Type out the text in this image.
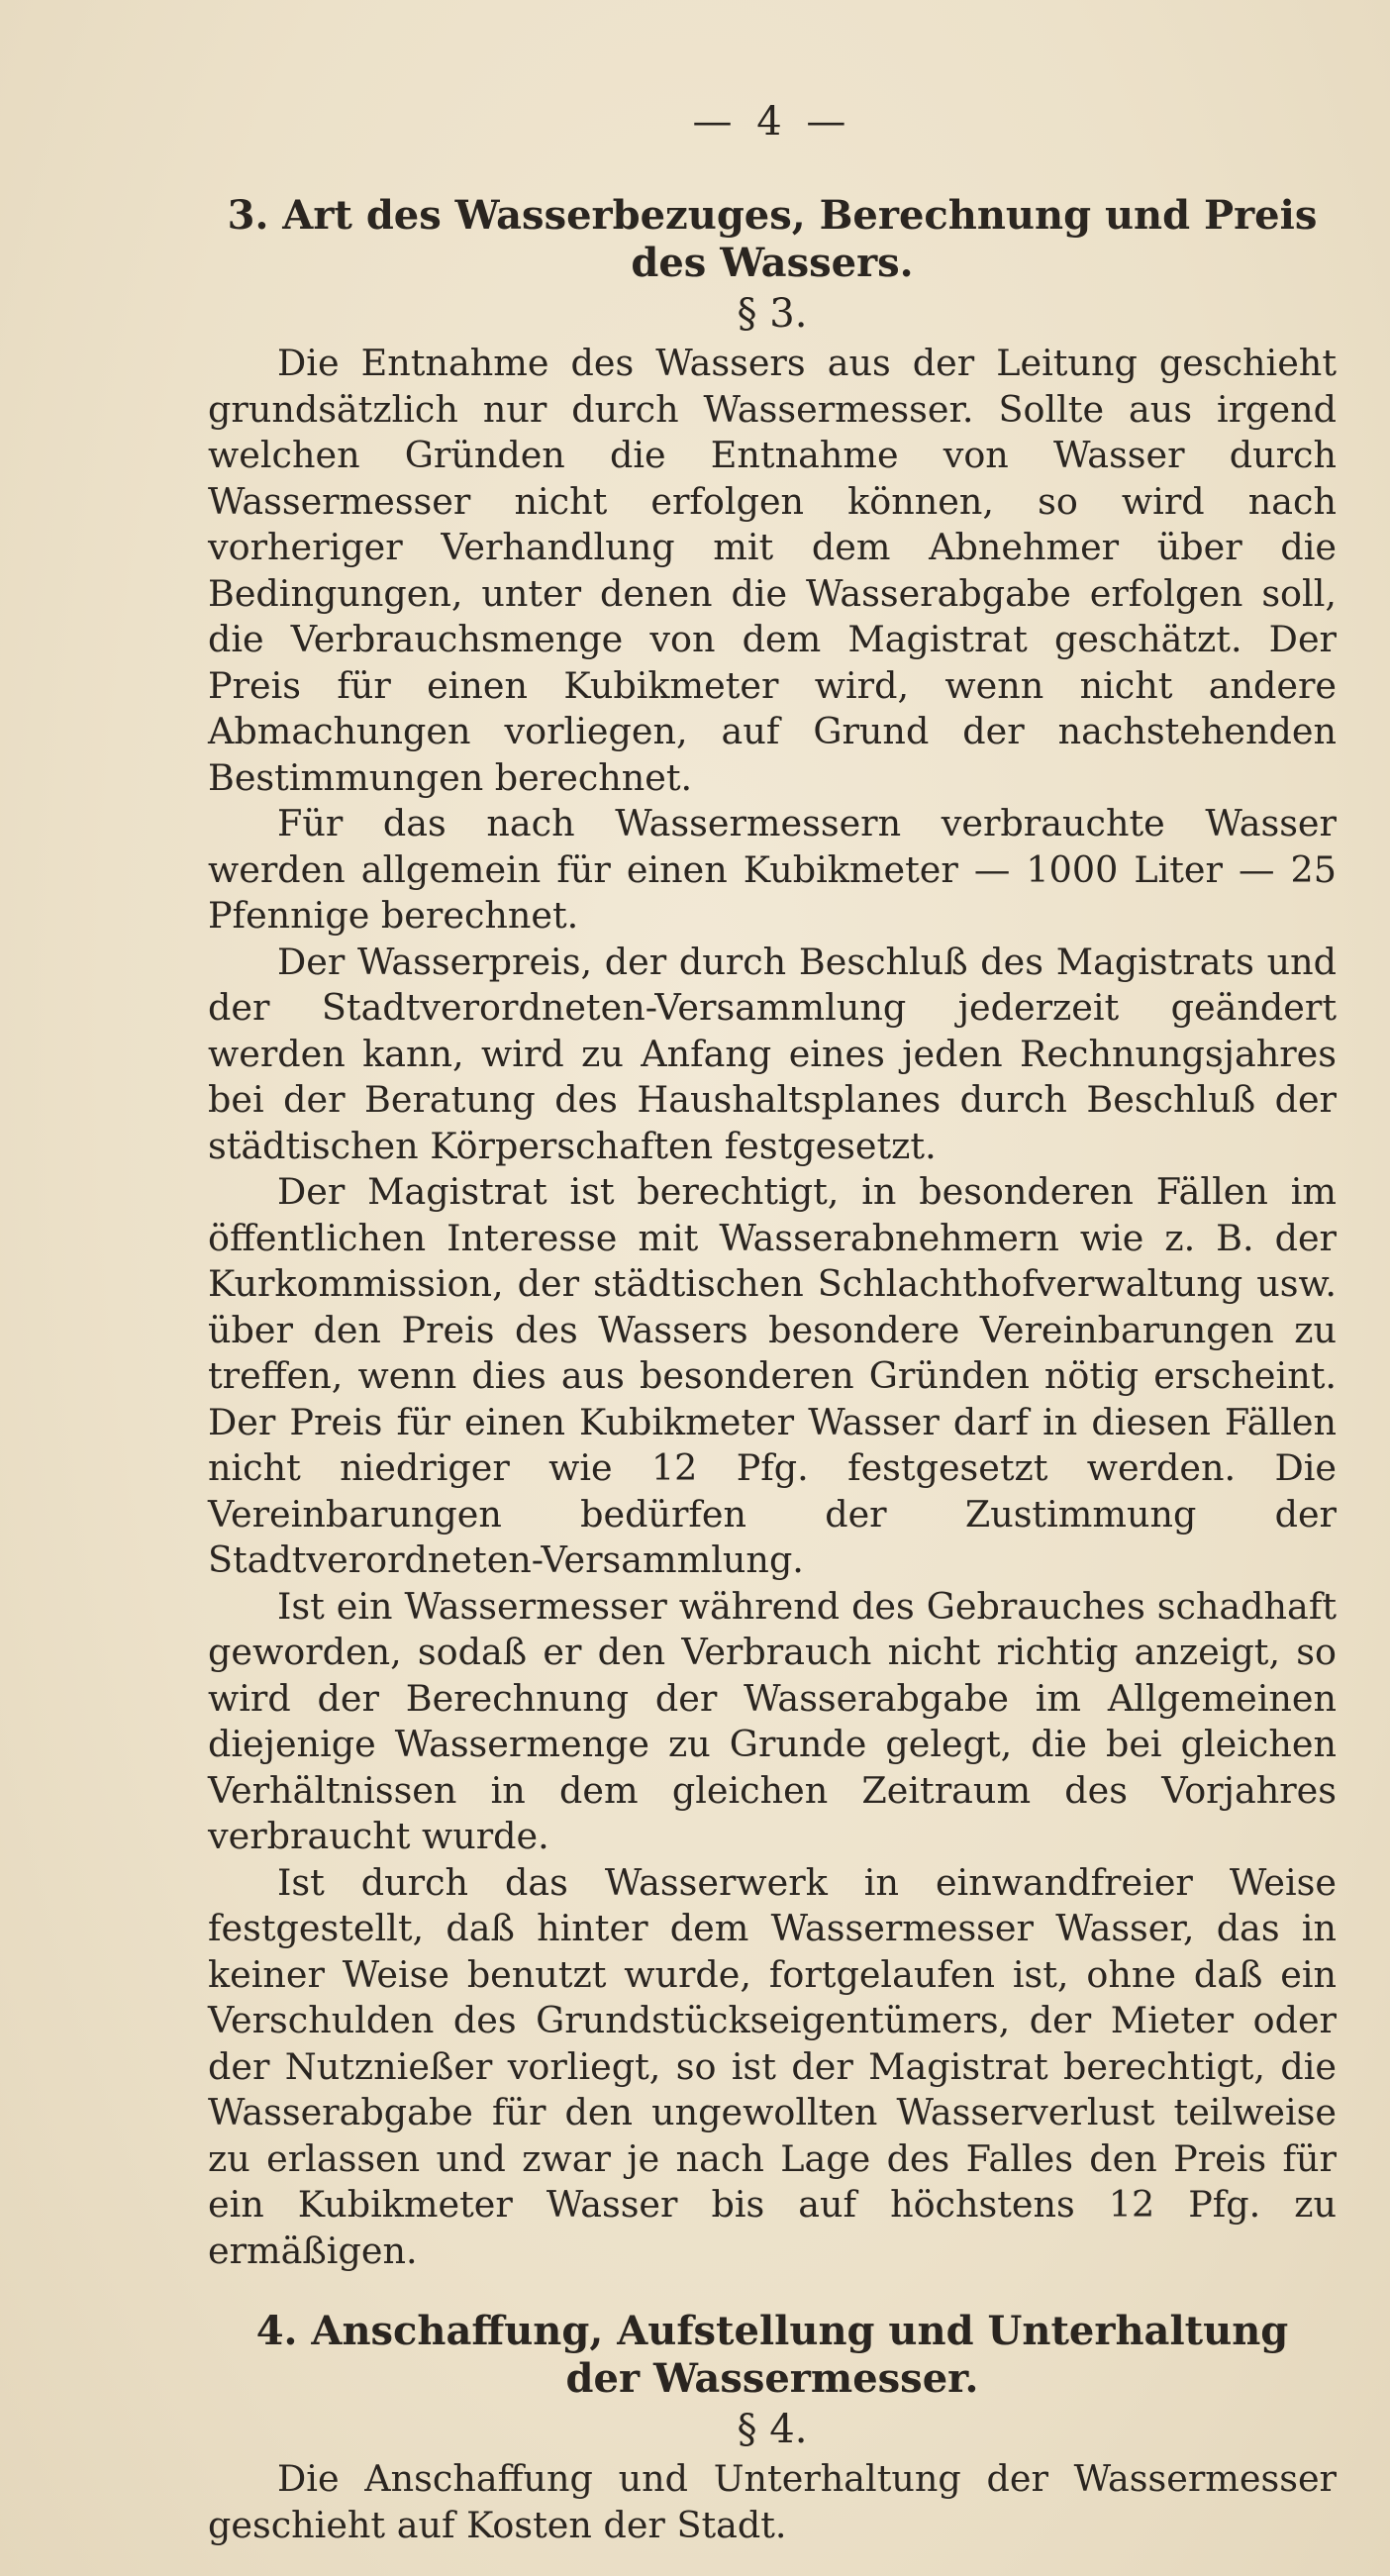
— 4 —
3. Art des Wasserbezuges, Berechnung und Preis des Wassers.
§ 3.

Die Entnahme des Wassers aus der Leitung geschieht grundsätzlich nur durch Wassermesser. Sollte aus irgend welchen Gründen die Entnahme von Wasser durch Wassermesser nicht erfolgen können, so wird nach vorheriger Verhandlung mit dem Abnehmer über die Bedingungen, unter denen die Wasserabgabe erfolgen soll, die Verbrauchsmenge von dem Magistrat geschätzt. Der Preis für einen Kubikmeter wird, wenn nicht andere Abmachungen vorliegen, auf Grund der nachstehenden Bestimmungen berechnet.

Für das nach Wassermessern verbrauchte Wasser werden allgemein für einen Kubikmeter — 1000 Liter — 25 Pfennige berechnet.

Der Wasserpreis, der durch Beschluß des Magistrats und der Stadtverordneten-Versammlung jederzeit geändert werden kann, wird zu Anfang eines jeden Rechnungsjahres bei der Beratung des Haushaltsplanes durch Beschluß der städtischen Körperschaften festgesetzt.

Der Magistrat ist berechtigt, in besonderen Fällen im öffentlichen Interesse mit Wasserabnehmern wie z. B. der Kurkommission, der städtischen Schlachthofverwaltung usw. über den Preis des Wassers besondere Vereinbarungen zu treffen, wenn dies aus besonderen Gründen nötig erscheint. Der Preis für einen Kubikmeter Wasser darf in diesen Fällen nicht niedriger wie 12 Pfg. festgesetzt werden. Die Vereinbarungen bedürfen der Zustimmung der Stadtverordneten-Versammlung.

Ist ein Wassermesser während des Gebrauches schadhaft geworden, sodaß er den Verbrauch nicht richtig anzeigt, so wird der Berechnung der Wasserabgabe im Allgemeinen diejenige Wassermenge zu Grunde gelegt, die bei gleichen Verhältnissen in dem gleichen Zeitraum des Vorjahres verbraucht wurde.

Ist durch das Wasserwerk in einwandfreier Weise festgestellt, daß hinter dem Wassermesser Wasser, das in keiner Weise benutzt wurde, fortgelaufen ist, ohne daß ein Verschulden des Grundstückseigentümers, der Mieter oder der Nutznießer vorliegt, so ist der Magistrat berechtigt, die Wasserabgabe für den ungewollten Wasserverlust teilweise zu erlassen und zwar je nach Lage des Falles den Preis für ein Kubikmeter Wasser bis auf höchstens 12 Pfg. zu ermäßigen.

4. Anschaffung, Aufstellung und Unterhaltung der Wassermesser.
§ 4.

Die Anschaffung und Unterhaltung der Wassermesser geschieht auf Kosten der Stadt.
